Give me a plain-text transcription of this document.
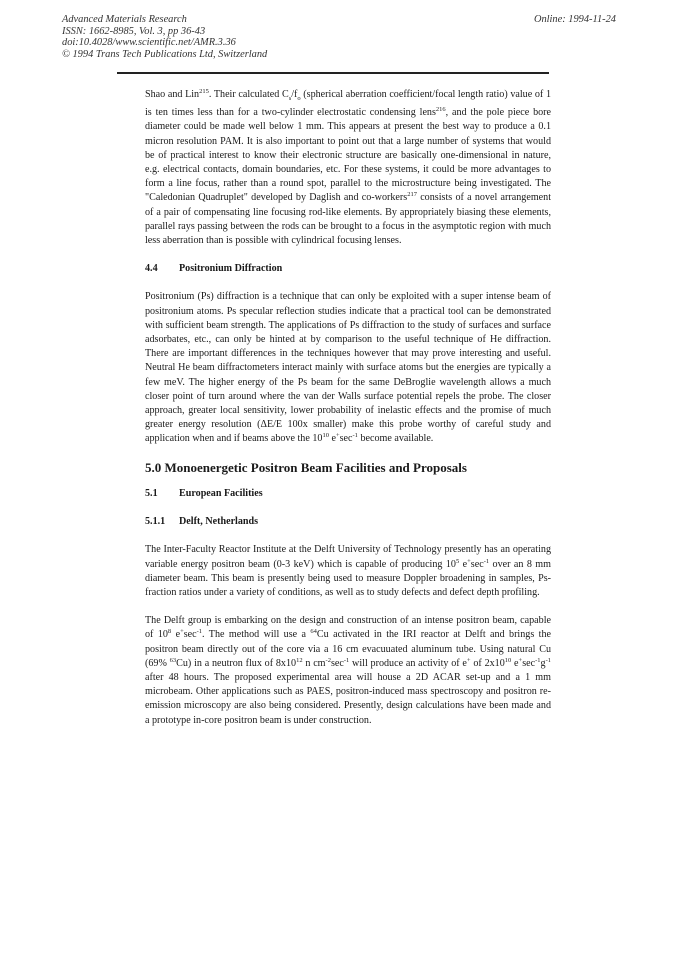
Advanced Materials Research
ISSN: 1662-8985, Vol. 3, pp 36-43
doi:10.4028/www.scientific.net/AMR.3.36
© 1994 Trans Tech Publications Ltd, Switzerland
Online: 1994-11-24

Shao and Lin$^{215}$. Their calculated $C_s/f_o$ (spherical aberration coefficient/focal length ratio) value of 1 is ten times less than for a two-cylinder electrostatic condensing lens$^{216}$, and the pole piece bore diameter could be made well below 1 mm. This appears at present the best way to produce a 0.1 micron resolution PAM. It is also important to point out that a large number of systems that would be of practical interest to know their electronic structure are basically one-dimensional in nature, e.g. electrical contacts, domain boundaries, etc. For these systems, it could be more advantages to form a line focus, rather than a round spot, parallel to the microstructure being investigated. The "Caledonian Quadruplet" developed by Daglish and co-workers$^{217}$ consists of a novel arrangement of a pair of compensating line focusing rod-like elements. By appropriately biasing these elements, parallel rays passing between the rods can be brought to a focus in the asymptotic region with much less aberration than is possible with cylindrical focusing lenses.

4.4 Positronium Diffraction

Positronium (Ps) diffraction is a technique that can only be exploited with a super intense beam of positronium atoms. Ps specular reflection studies indicate that a practical tool can be demonstrated with sufficient beam strength. The applications of Ps diffraction to the study of surfaces and surface adsorbates, etc., can only be hinted at by comparison to the useful technique of He diffraction. There are important differences in the techniques however that may prove interesting and useful. Neutral He beam diffractometers interact mainly with surface atoms but the energies are typically a few meV. The higher energy of the Ps beam for the same DeBroglie wavelength allows a much closer point of turn around where the van der Walls surface potential repels the probe. The closer approach, greater local sensitivity, lower probability of inelastic effects and the promise of much greater energy resolution (ΔE/E 100x smaller) make this probe worthy of careful study and application when and if beams above the $10^{10}$ $e^+\sec^{-1}$ become available.

5.0 Monoenergetic Positron Beam Facilities and Proposals
5.1 European Facilities
5.1.1 Delft, Netherlands

The Inter-Faculty Reactor Institute at the Delft University of Technology presently has an operating variable energy positron beam (0-3 keV) which is capable of producing $10^5$ $e^+\sec^{-1}$ over an 8 mm diameter beam. This beam is presently being used to measure Doppler broadening in samples, Ps-fraction ratios under a variety of conditions, as well as to study defects and defect depth profiling.

The Delft group is embarking on the design and construction of an intense positron beam, capable of $10^8$ $e^+\sec^{-1}$. The method will use a $^{64}$Cu activated in the IRI reactor at Delft and brings the positron beam directly out of the core via a 16 cm evacuuated aluminum tube. Using natural Cu (69% $^{63}$Cu) in a neutron flux of $8x10^{12}$ n $cm^{-2}\sec^{-1}$ will produce an activity of e+ of $2x10^{10}$ $e^+\sec^{-1}g^{-1}$ after 48 hours. The proposed experimental area will house a 2D ACAR set-up and a 1 mm microbeam. Other applications such as PAES, positron-induced mass spectroscopy and positron re-emission microscopy are also being considered. Presently, design calculations have been made and a prototype in-core positron beam is under construction.
